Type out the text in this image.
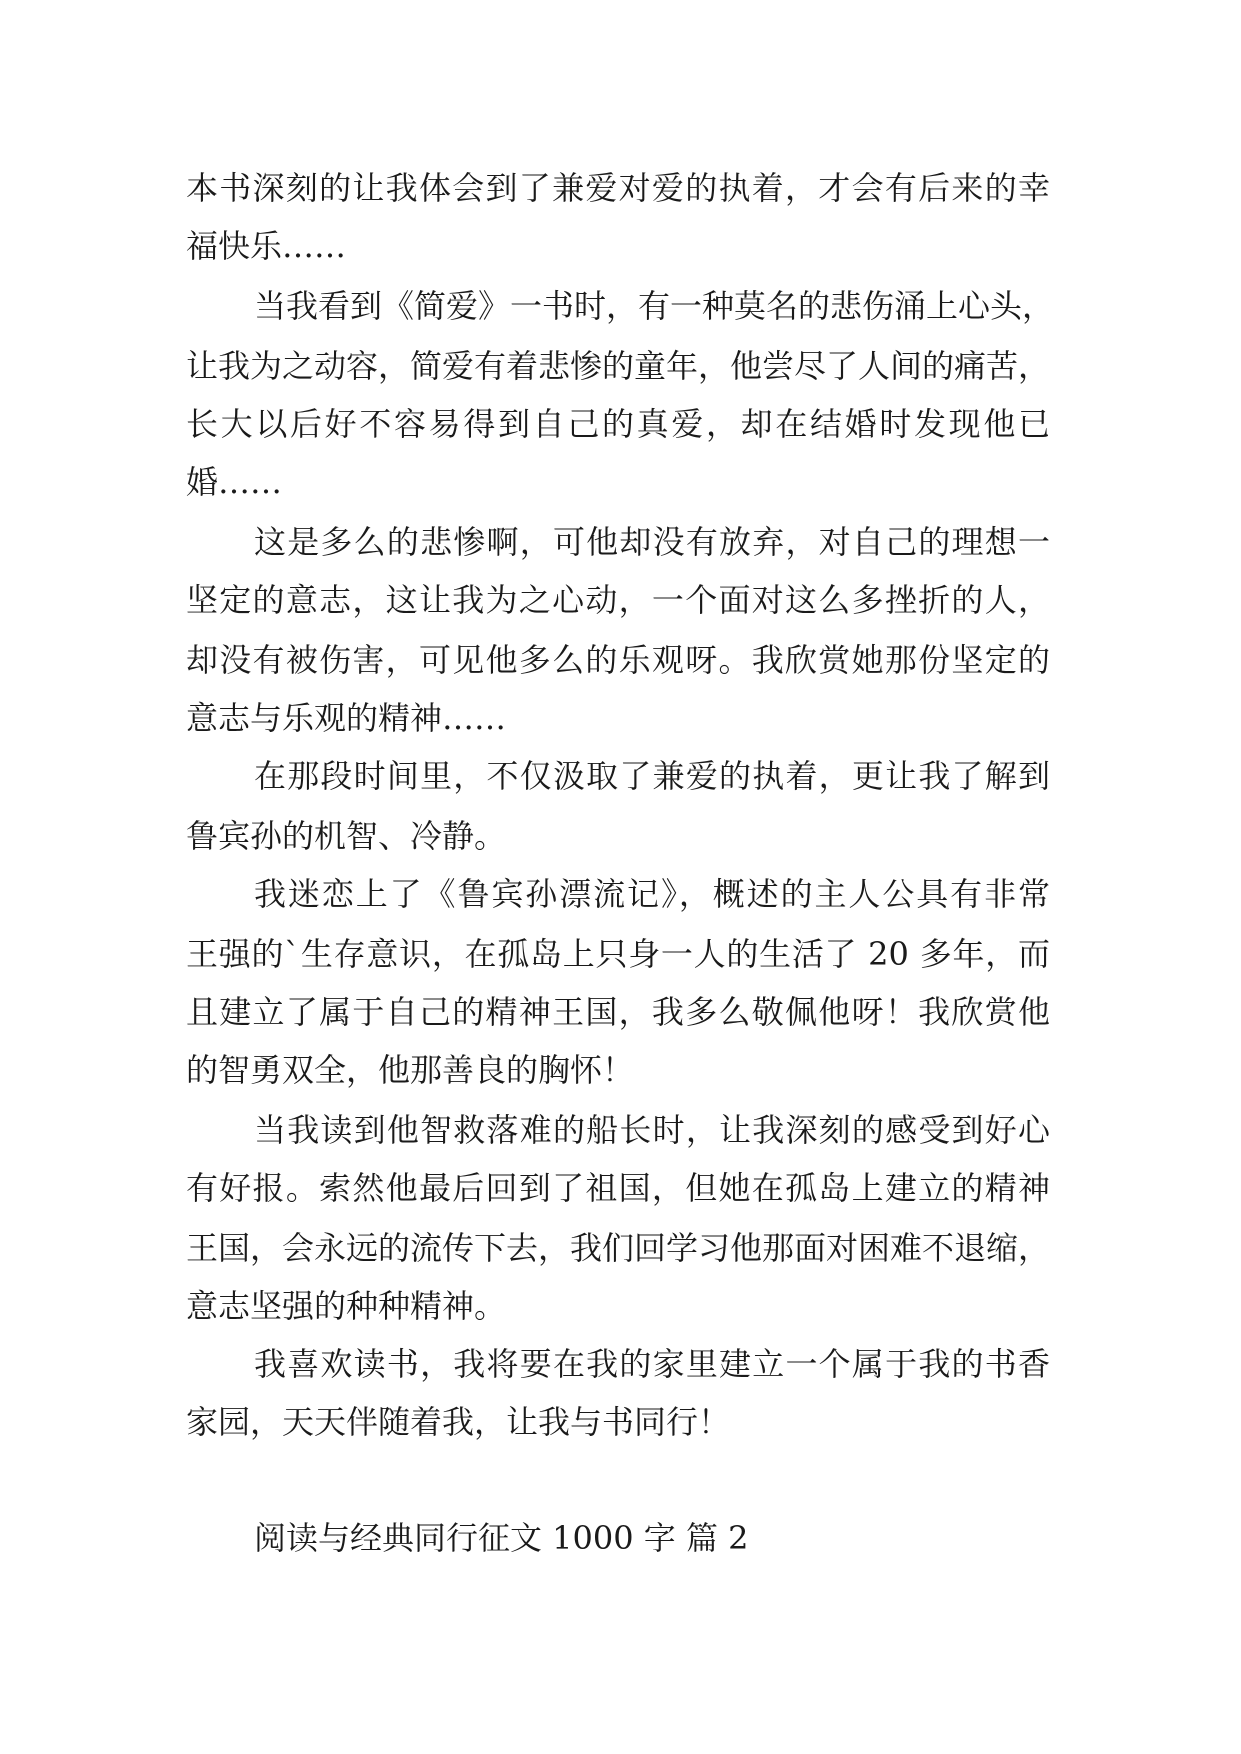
本书深刻的让我体会到了兼爱对爱的执着，才会有后来的幸

福快乐……

当我看到《简爱》一书时，有一种莫名的悲伤涌上心头，

让我为之动容，简爱有着悲惨的童年，他尝尽了人间的痛苦，

长大以后好不容易得到自己的真爱，却在结婚时发现他已

婚……

这是多么的悲惨啊，可他却没有放弃，对自己的理想一

坚定的意志，这让我为之心动，一个面对这么多挫折的人，

却没有被伤害，可见他多么的乐观呀。我欣赏她那份坚定的

意志与乐观的精神……

在那段时间里，不仅汲取了兼爱的执着，更让我了解到

鲁宾孙的机智、冷静。

我迷恋上了《鲁宾孙漂流记》，概述的主人公具有非常

王强的`生存意识，在孤岛上只身一人的生活了 20 多年，而

且建立了属于自己的精神王国，我多么敬佩他呀！我欣赏他

的智勇双全，他那善良的胸怀！

当我读到他智救落难的船长时，让我深刻的感受到好心

有好报。索然他最后回到了祖国，但她在孤岛上建立的精神

王国，会永远的流传下去，我们回学习他那面对困难不退缩，

意志坚强的种种精神。

我喜欢读书，我将要在我的家里建立一个属于我的书香

家园，天天伴随着我，让我与书同行！

阅读与经典同行征文 1000 字 篇 2
